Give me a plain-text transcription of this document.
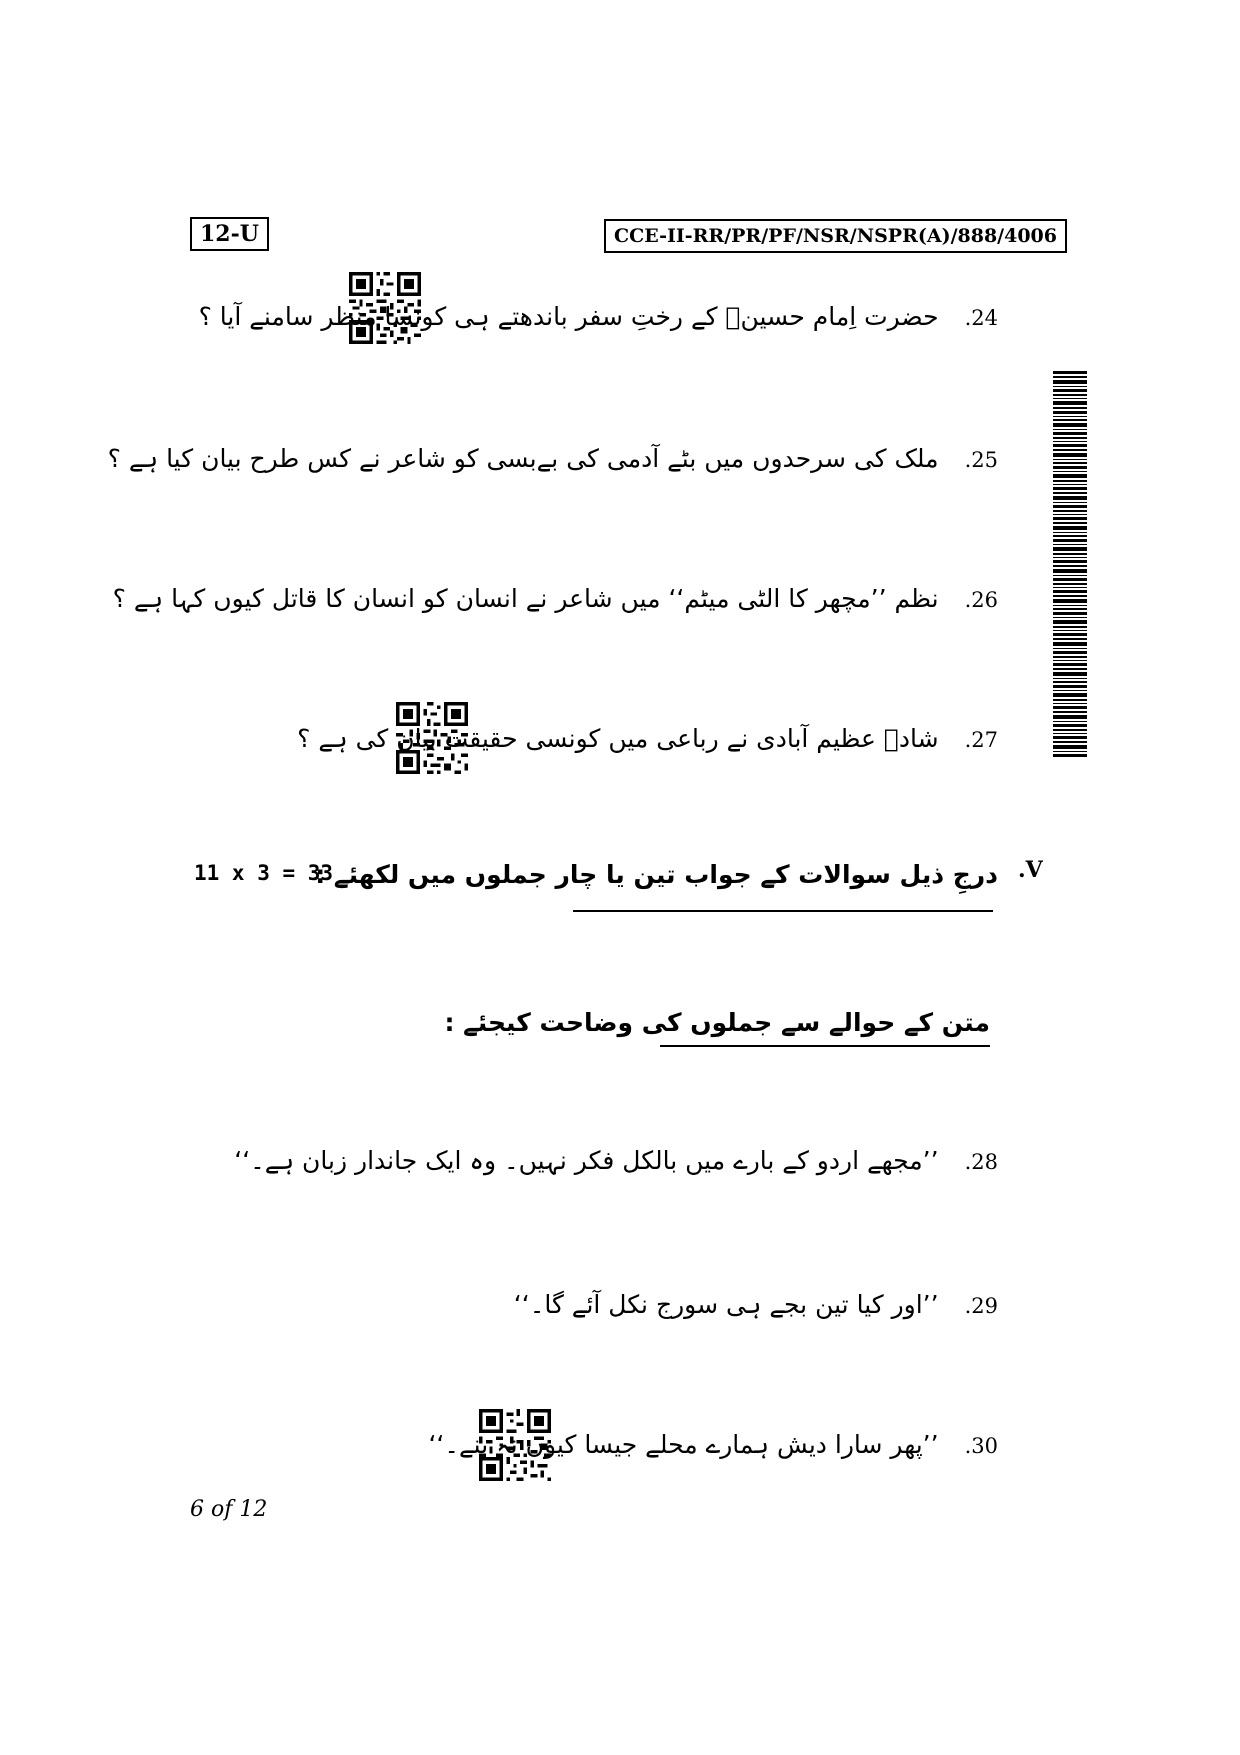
12-U	CCE-II-RR/PR/PF/NSR/NSPR(A)/888/4006
24.حضرت اِمام حسینؓ کے رختِ سفر باندھتے ہی کونسا منظر سامنے آیا ؟
25.ملک کی سرحدوں میں بٹے آدمی کی بےبسی کو شاعر نے کس طرح بیان کیا ہے ؟
26.نظم ’’مچھر کا الٹی میٹم‘‘ میں شاعر نے انسان کو انسان کا قاتل کیوں کہا ہے ؟
27.شادؔ عظیم آبادی نے رباعی میں کونسی حقیقت بیان کی ہے ؟
.V
درجِ ذیل سوالات کے جواب تین یا چار جملوں میں لکھئے :
11 x 3 = 33
متن کے حوالے سے جملوں کی وضاحت کیجئے :
28.’’مجھے اردو کے بارے میں بالکل فکر نہیں۔ وہ ایک جاندار زبان ہے۔‘‘
29.’’اور کیا تین بجے ہی سورج نکل آئے گا۔‘‘
30.’’پھر سارا دیش ہمارے محلے جیسا کیوں نہ بنے۔‘‘
6 of 12
